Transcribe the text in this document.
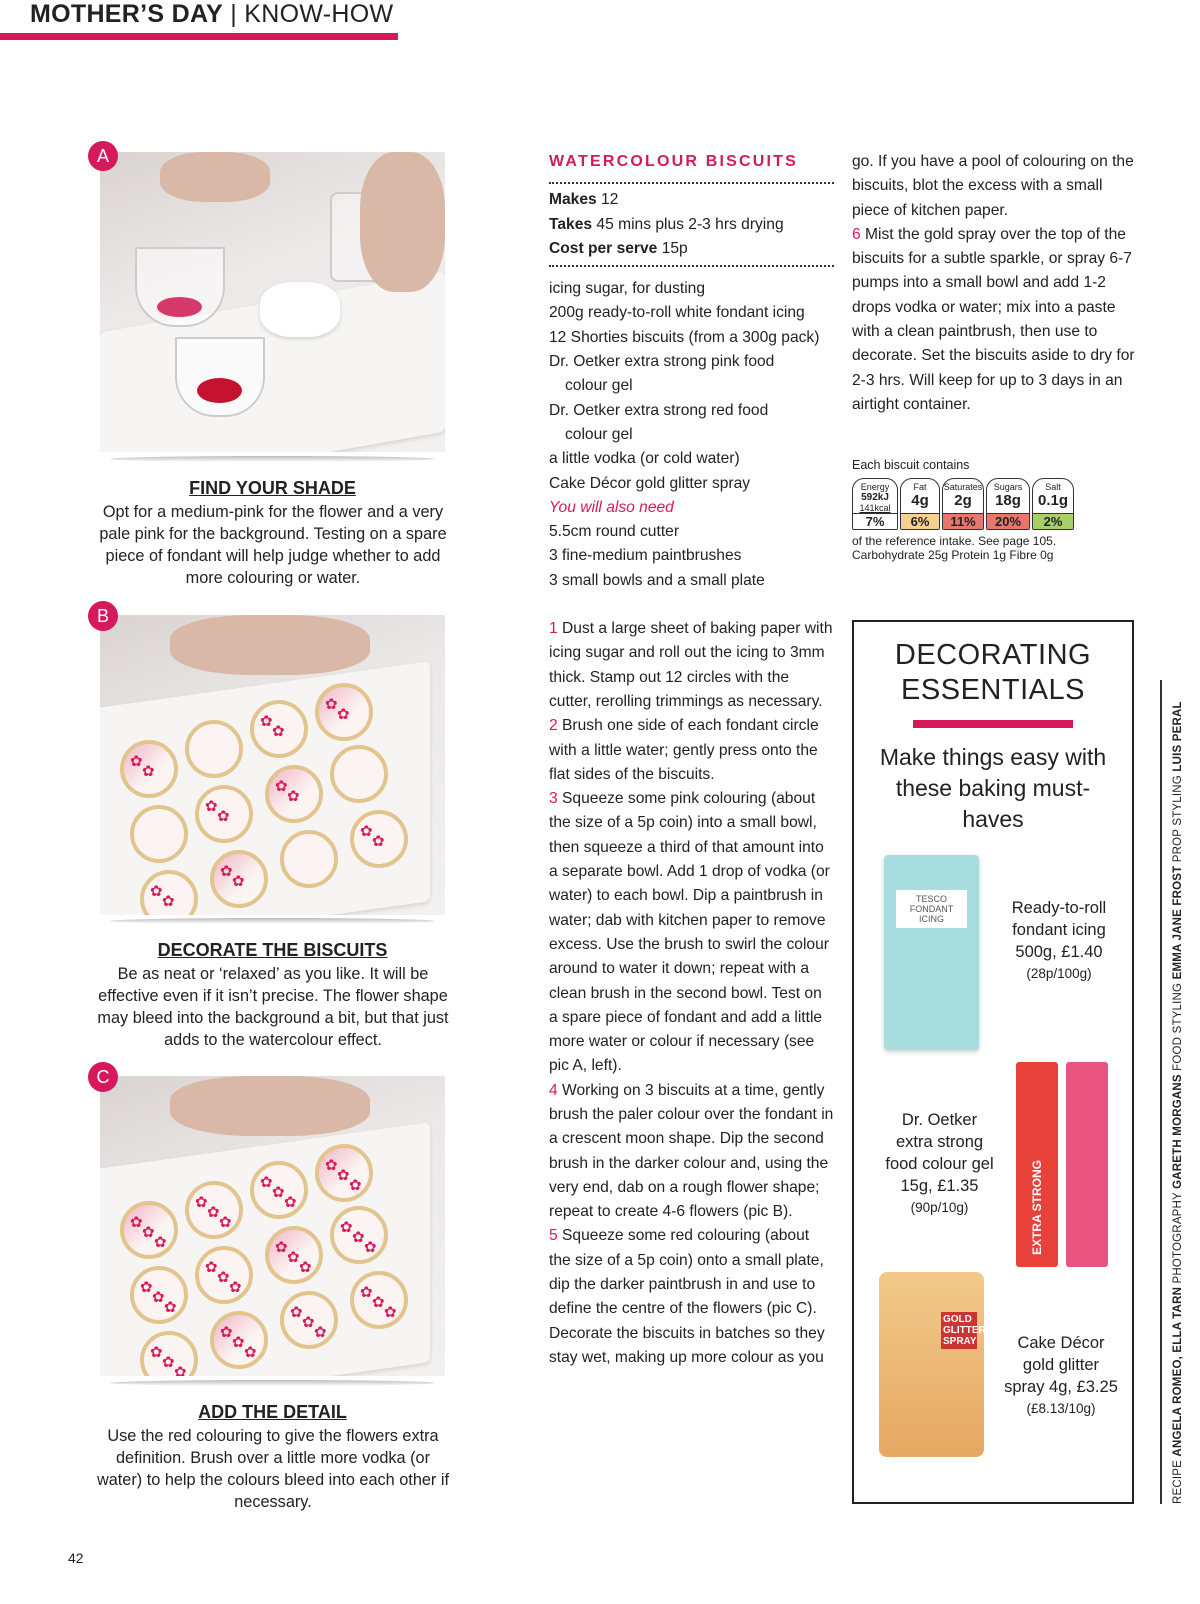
MOTHER’S DAY | KNOW-HOW
A
FIND YOUR SHADE
Opt for a medium-pink for the flower and a very pale pink for the background. Testing on a spare piece of fondant will help judge whether to add more colouring or water.
✿
✿
✿
✿
✿
✿
✿
✿
✿
✿
✿
✿
✿
✿
✿
✿
B
DECORATE THE BISCUITS
Be as neat or ‘relaxed’ as you like. It will be effective even if it isn’t precise. The flower shape may bleed into the background a bit, but that just adds to the watercolour effect.
✿
✿
✿
✿
✿
✿
✿
✿
✿
✿
✿
✿
✿
✿
✿
✿
✿
✿
✿
✿
✿
✿
✿
✿
✿
✿
✿
✿
✿
✿
✿
✿
✿
✿
✿
✿
C
ADD THE DETAIL
Use the red colouring to give the flowers extra definition. Brush over a little more vodka (or water) to help the colours bleed into each other if necessary.
WATERCOLOUR BISCUITS
Makes 12
Takes 45 mins plus 2-3 hrs drying
Cost per serve 15p
icing sugar, for dusting
200g ready-to-roll white fondant icing
12 Shorties biscuits (from a 300g pack)
Dr. Oetker extra strong pink food
colour gel
Dr. Oetker extra strong red food
colour gel
a little vodka (or cold water)
Cake Décor gold glitter spray
You will also need
5.5cm round cutter
3 fine-medium paintbrushes
3 small bowls and a small plate

1 Dust a large sheet of baking paper with icing sugar and roll out the icing to 3mm thick. Stamp out 12 circles with the cutter, rerolling trimmings as necessary.

2 Brush one side of each fondant circle with a little water; gently press onto the flat sides of the biscuits.

3 Squeeze some pink colouring (about the size of a 5p coin) into a small bowl, then squeeze a third of that amount into a separate bowl. Add 1 drop of vodka (or water) to each bowl. Dip a paintbrush in water; dab with kitchen paper to remove excess. Use the brush to swirl the colour around to water it down; repeat with a clean brush in the second bowl. Test on a spare piece of fondant and add a little more water or colour if necessary (see pic A, left).

4 Working on 3 biscuits at a time, gently brush the paler colour over the fondant in a crescent moon shape. Dip the second brush in the darker colour and, using the very end, dab on a rough flower shape; repeat to create 4-6 flowers (pic B).

5 Squeeze some red colouring (about the size of a 5p coin) onto a small plate, dip the darker paintbrush in and use to define the centre of the flowers (pic C). Decorate the biscuits in batches so they stay wet, making up more colour as you

go. If you have a pool of colouring on the biscuits, blot the excess with a small piece of kitchen paper.

6 Mist the gold spray over the top of the biscuits for a subtle sparkle, or spray 6-7 pumps into a small bowl and add 1-2 drops vodka or water; mix into a paste with a clean paintbrush, then use to decorate. Set the biscuits aside to dry for 2-3 hrs. Will keep for up to 3 days in an airtight container.

Each biscuit contains
Energy
592kJ
141kcal
7%
Fat
4g
6%
Saturates
2g
11%
Sugars
18g
20%
Salt
0.1g
2%
of the reference intake. See page 105.
Carbohydrate 25g Protein 1g Fibre 0g
DECORATING
ESSENTIALS
Make things easy with these baking must-haves
TESCO FONDANT ICING
Ready-to-roll fondant icing 500g, £1.40
(28p/100g)
EXTRA STRONG
Dr. Oetker extra strong food colour gel 15g, £1.35
(90p/10g)
GOLD GLITTER SPRAY	Cake Décor gold glitter spray 4g, £3.25
(£8.13/10g)
RECIPE ANGELA ROMEO, ELLA TARN PHOTOGRAPHY GARETH MORGANS FOOD STYLING EMMA JANE FROST PROP STYLING LUIS PERAL
42
